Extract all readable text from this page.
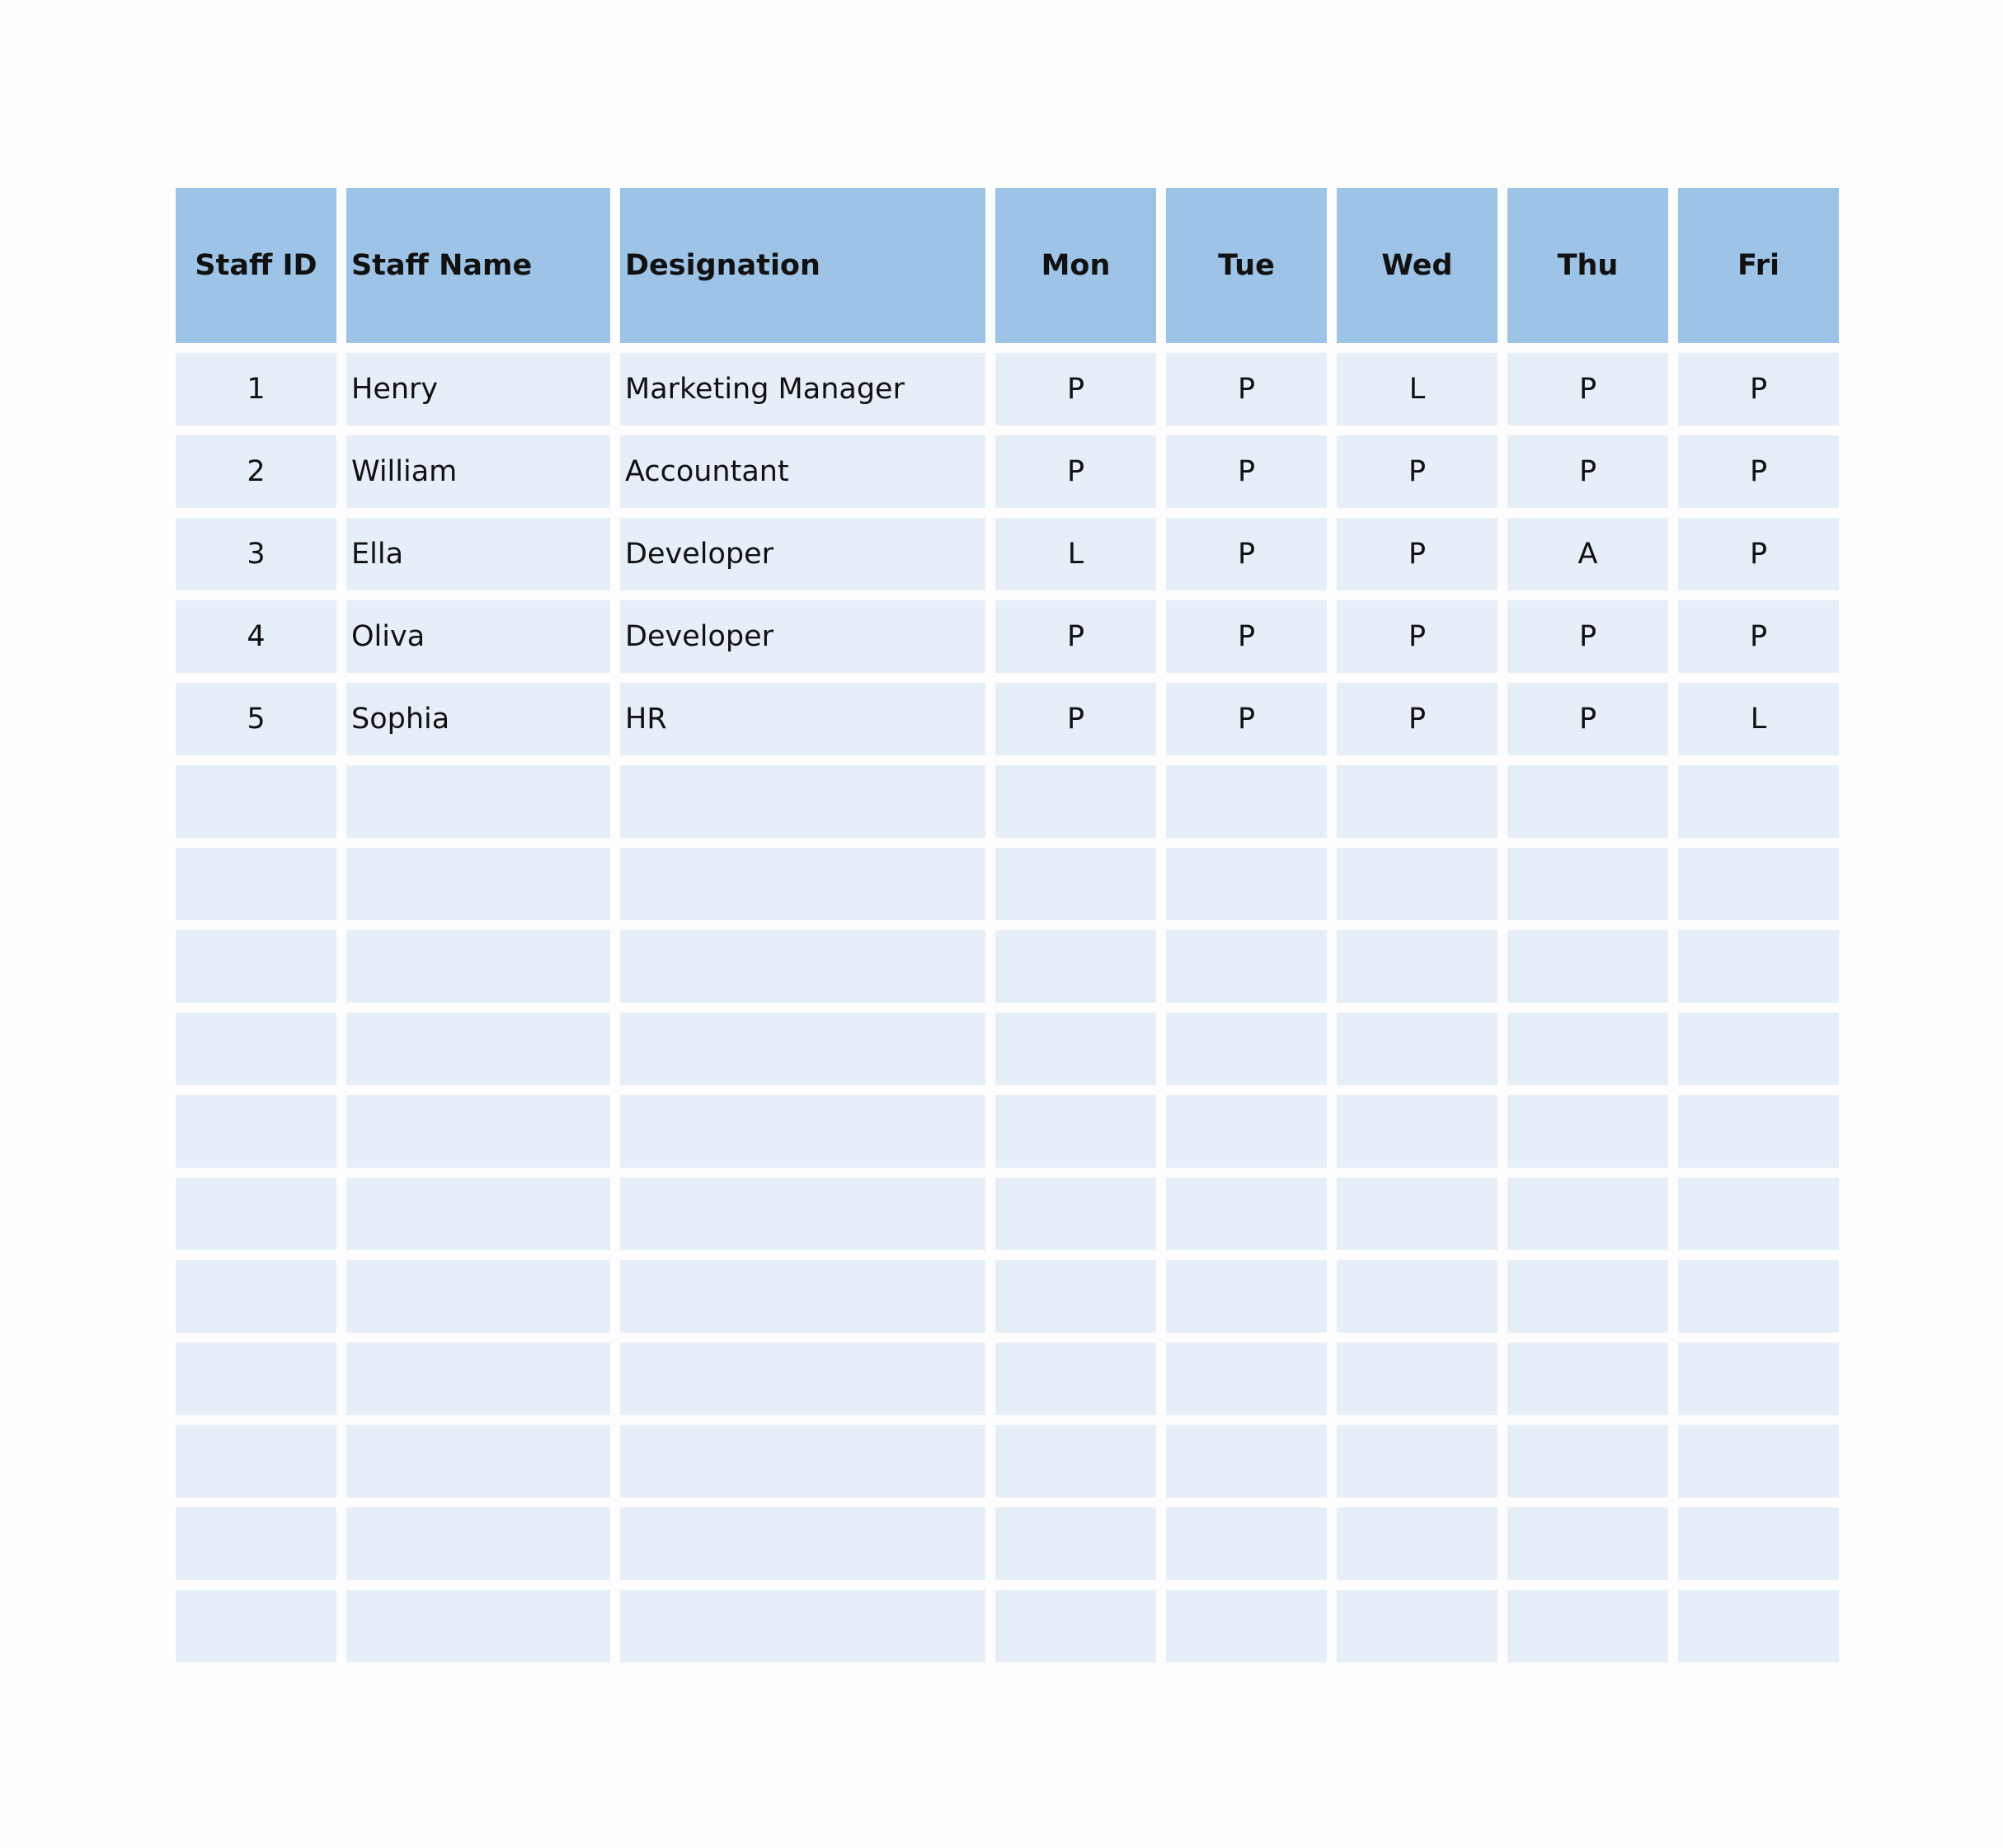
Staff ID	Staff Name	Designation	Mon	Tue	Wed	Thu	Fri
1	Henry	Marketing Manager	P	P	L	P	P
2	William	Accountant	P	P	P	P	P
3	Ella	Developer	L	P	P	A	P
4	Oliva	Developer	P	P	P	P	P
5	Sophia	HR	P	P	P	P	L
